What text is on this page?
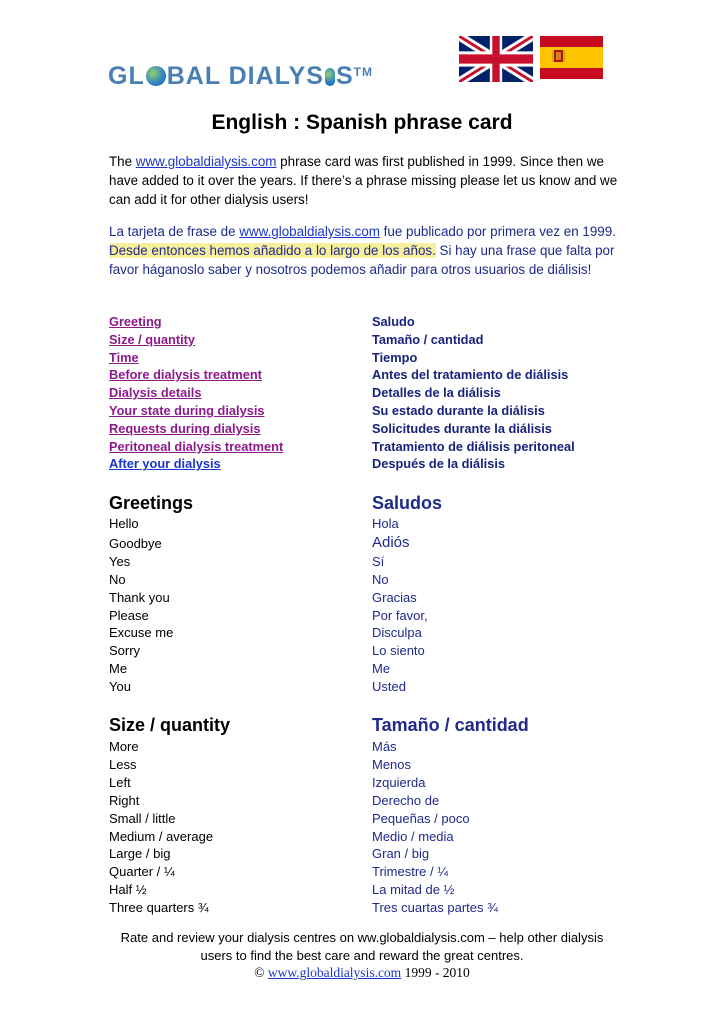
GL BAL DIALYS S™
English : Spanish phrase card
The www.globaldialysis.com phrase card was first published in 1999. Since then we have added to it over the years. If there’s a phrase missing please let us know and we can add it for other dialysis users!
La tarjeta de frase de www.globaldialysis.com fue publicado por primera vez en 1999. Desde entonces hemos añadido a lo largo de los años. Si hay una frase que falta por favor háganoslo saber y nosotros podemos añadir para otros usuarios de diálisis!
Greeting
Size / quantity
Time
Before dialysis treatment
Dialysis details
Your state during dialysis
Requests during dialysis
Peritoneal dialysis treatment
After your dialysis
Saludo
Tamaño / cantidad
Tiempo
Antes del tratamiento de diálisis
Detalles de la diálisis
Su estado durante la diálisis
Solicitudes durante la diálisis
Tratamiento de diálisis peritoneal
Después de la diálisis
Greetings	Saludos
Hello
Goodbye
Yes
No
Thank you
Please
Excuse me
Sorry
Me
You
Hola
Adiós
Sí
No
Gracias
Por favor,
Disculpa
Lo siento
Me
Usted
Size / quantity	Tamaño / cantidad
More
Less
Left
Right
Small / little
Medium / average
Large / big
Quarter / ¼
Half ½
Three quarters ¾
Más
Menos
Izquierda
Derecho de
Pequeñas / poco
Medio / media
Gran / big
Trimestre / ¼
La mitad de ½
Tres cuartas partes ¾
Rate and review your dialysis centres on ww.globaldialysis.com – help other dialysis
users to find the best care and reward the great centres.
© www.globaldialysis.com 1999 - 2010
